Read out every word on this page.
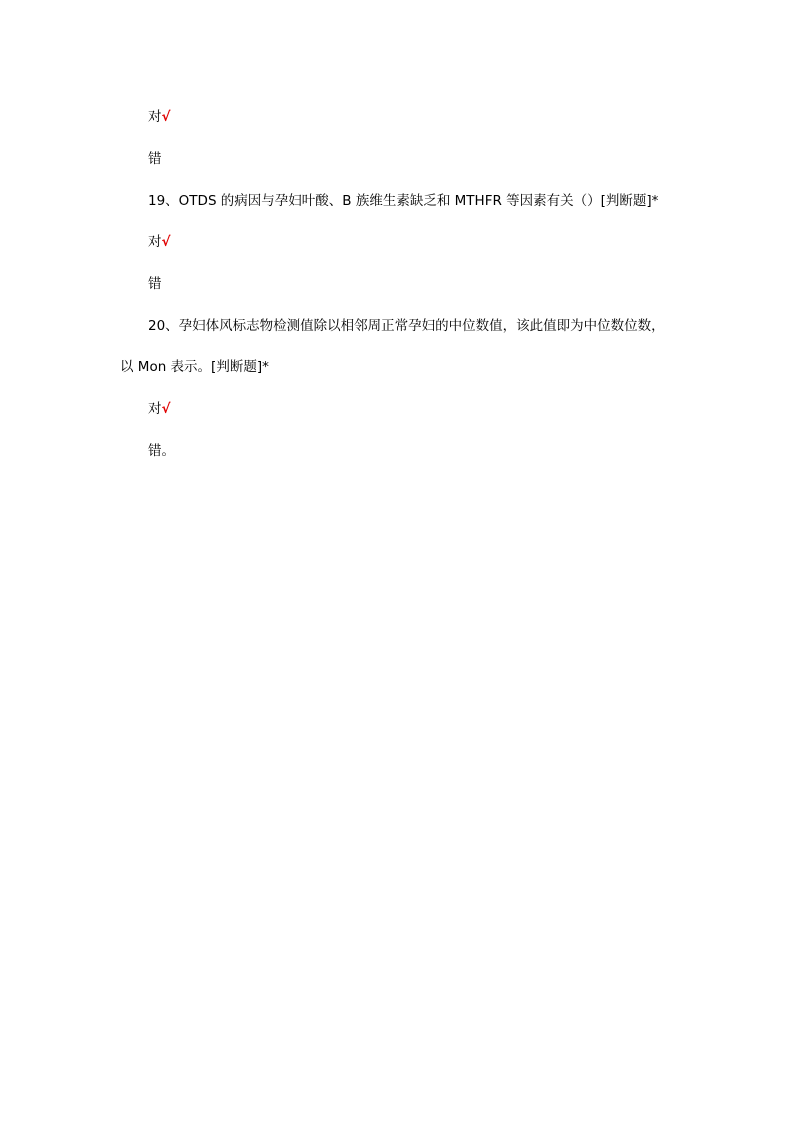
对√
错
19、OTDS 的病因与孕妇叶酸、B 族维生素缺乏和 MTHFR 等因素有关（）[判断题]*
对√
错
20、孕妇体风标志物检测值除以相邻周正常孕妇的中位数值，该此值即为中位数位数，
以 Mon 表示。[判断题]*
对√
错。
